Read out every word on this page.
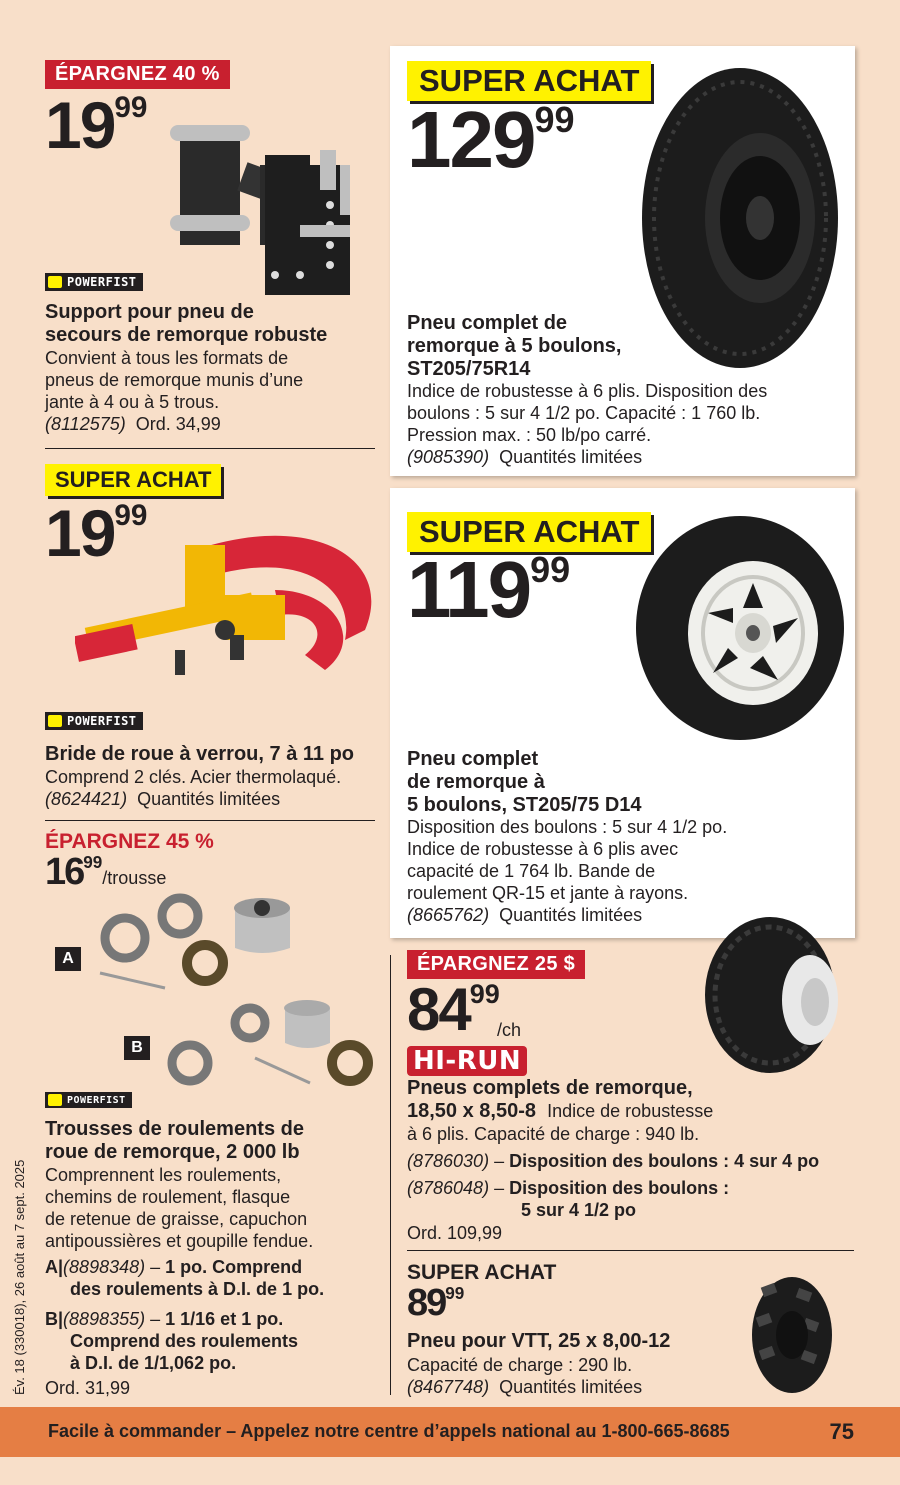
ÉPARGNEZ 40 %
$19^{99}$
POWERFIST
Support pour pneu de
secours de remorque robuste
Convient à tous les formats de
pneus de remorque munis d’une
jante à 4 ou à 5 trous.
(8112575) Ord. 34,99
SUPER ACHAT
$19^{99}$
POWERFIST
Bride de roue à verrou, 7 à 11 po
Comprend 2 clés. Acier thermolaqué.
(8624421) Quantités limitées
ÉPARGNEZ 45 %
$16^{99}$/trousse
A
B
POWERFIST
Trousses de roulements de
roue de remorque, 2 000 lb
Comprennent les roulements,
chemins de roulement, flasque
de retenue de graisse, capuchon
antipoussières et goupille fendue.
A|(8898348) – 1 po. Comprend
des roulements à D.I. de 1 po.
B|(8898355) – 1 1/16 et 1 po.
Comprend des roulements
à D.I. de 1/1,062 po.
Ord. 31,99
SUPER ACHAT
$129^{99}$
Pneu complet de
remorque à 5 boulons,
ST205/75R14
Indice de robustesse à 6 plis. Disposition des
boulons : 5 sur 4 1/2 po. Capacité : 1 760 lb.
Pression max. : 50 lb/po carré.
(9085390) Quantités limitées
SUPER ACHAT
$119^{99}$
Pneu complet
de remorque à
5 boulons, ST205/75 D14
Disposition des boulons : 5 sur 4 1/2 po.
Indice de robustesse à 6 plis avec
capacité de 1 764 lb. Bande de
roulement QR-15 et jante à rayons.
(8665762) Quantités limitées
ÉPARGNEZ 25 $
$84^{99}$
/ch
HI-RUN
Pneus complets de remorque,
18,50 x 8,50-8 Indice de robustesse
à 6 plis. Capacité de charge : 940 lb.
(8786030) – Disposition des boulons : 4 sur 4 po
(8786048) – Disposition des boulons :
5 sur 4 1/2 po
Ord. 109,99
SUPER ACHAT
$89^{99}$
Pneu pour VTT, 25 x 8,00-12
Capacité de charge : 290 lb.
(8467748) Quantités limitées
Év. 18 (330018), 26 août au 7 sept. 2025
Facile à commander – Appelez notre centre d’appels national au 1-800-665-8685	75
